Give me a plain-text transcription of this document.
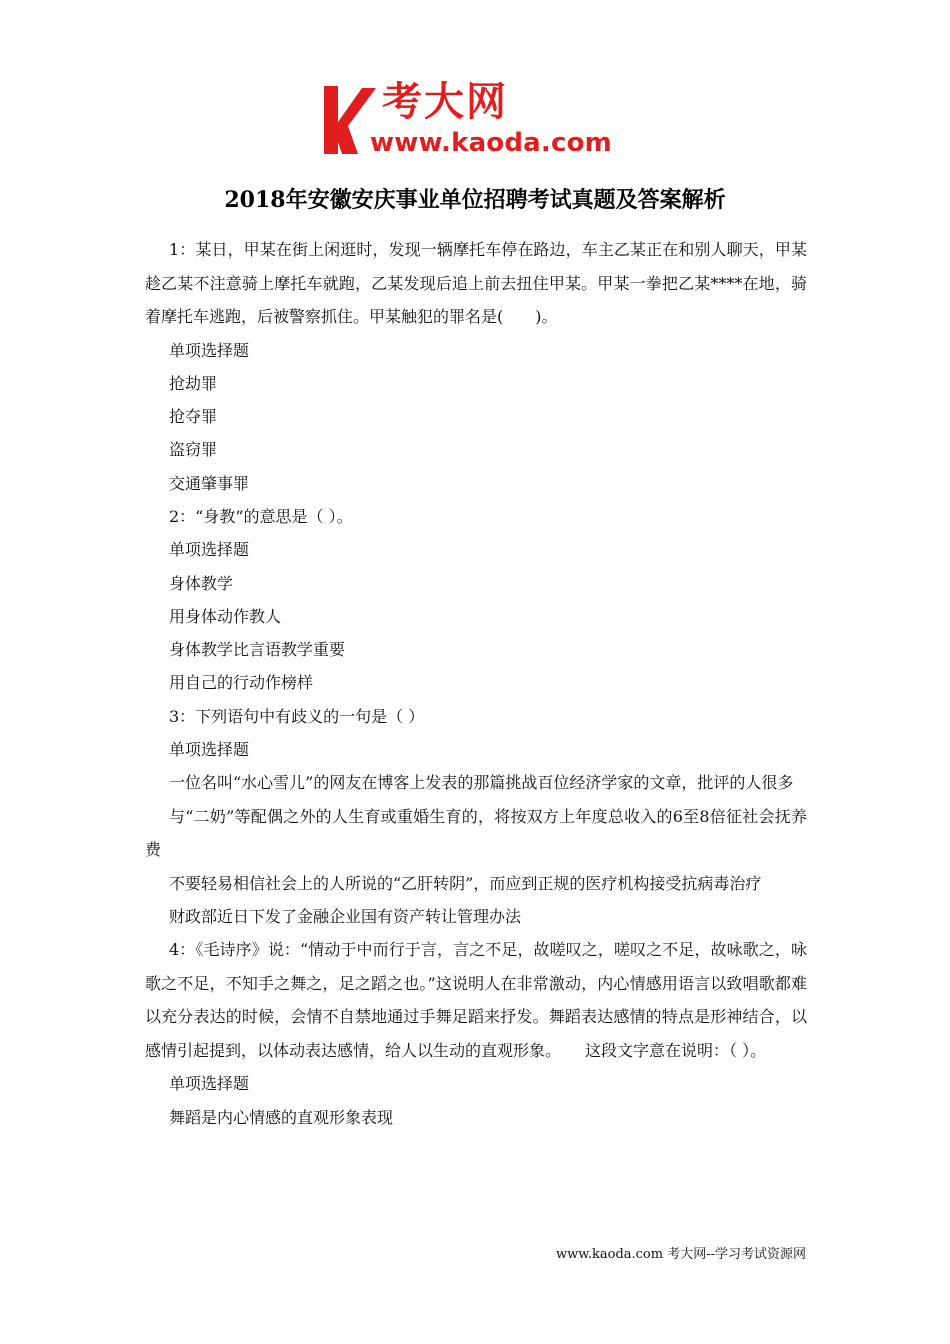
考大网
www.kaoda.com
2018年安徽安庆事业单位招聘考试真题及答案解析

1：某日，甲某在街上闲逛时，发现一辆摩托车停在路边，车主乙某正在和别人聊天，甲某趁乙某不注意骑上摩托车就跑，乙某发现后追上前去扭住甲某。甲某一拳把乙某****在地，骑着摩托车逃跑，后被警察抓住。甲某触犯的罪名是(　　)。

单项选择题

抢劫罪

抢夺罪

盗窃罪

交通肇事罪

2：“身教”的意思是（ ）。

单项选择题

身体教学

用身体动作教人

身体教学比言语教学重要

用自己的行动作榜样

3：下列语句中有歧义的一句是（ ）

单项选择题

一位名叫“水心雪儿”的网友在博客上发表的那篇挑战百位经济学家的文章，批评的人很多

与“二奶”等配偶之外的人生育或重婚生育的，将按双方上年度总收入的6至8倍征社会抚养费

不要轻易相信社会上的人所说的“乙肝转阴”，而应到正规的医疗机构接受抗病毒治疗

财政部近日下发了金融企业国有资产转让管理办法

4：《毛诗序》说：“情动于中而行于言，言之不足，故嗟叹之，嗟叹之不足，故咏歌之，咏歌之不足，不知手之舞之，足之蹈之也。”这说明人在非常激动，内心情感用语言以致唱歌都难以充分表达的时候，会情不自禁地通过手舞足蹈来抒发。舞蹈表达感情的特点是形神结合，以感情引起提到，以体动表达感情，给人以生动的直观形象。　　这段文字意在说明：（ ）。

单项选择题

舞蹈是内心情感的直观形象表现

www.kaoda.com 考大网--学习考试资源网
